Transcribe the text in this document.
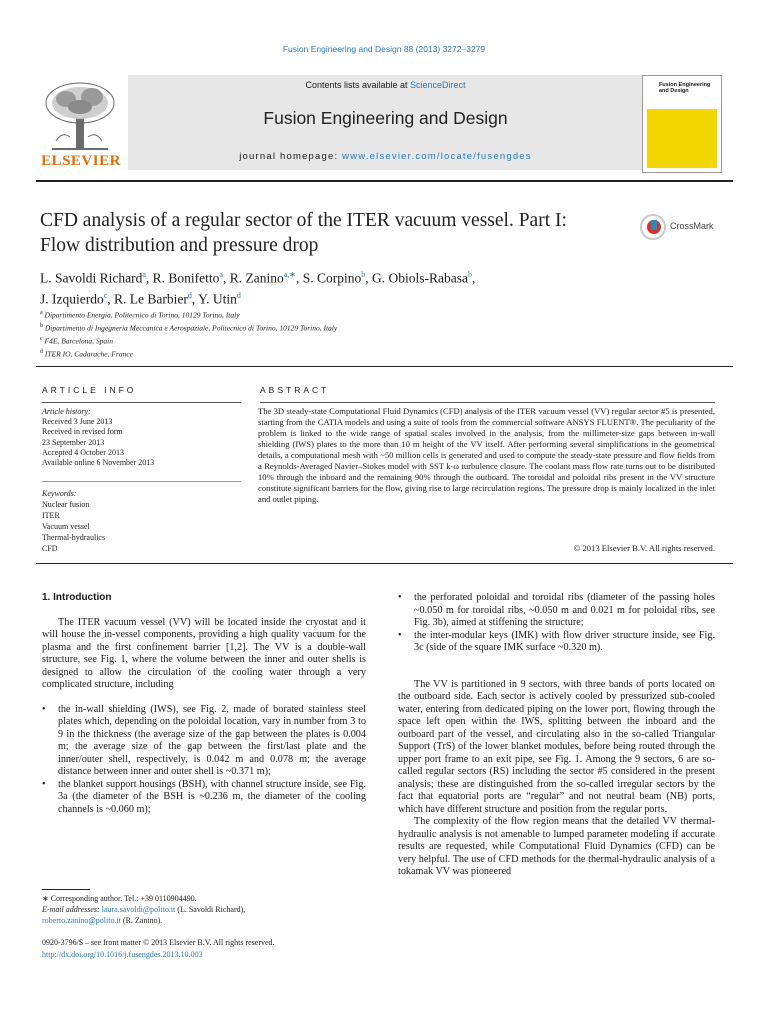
Fusion Engineering and Design 88 (2013) 3272–3279
ELSEVIER
Contents lists available at ScienceDirect
Fusion Engineering and Design
journal homepage: www.elsevier.com/locate/fusengdes
Fusion Engineering
and Design
CFD analysis of a regular sector of the ITER vacuum vessel. Part I:
Flow distribution and pressure drop
CrossMark
L. Savoldi Richard$^a$, R. Bonifetto$^a$, R. Zanino$^{a,∗}$, S. Corpino$^b$, G. Obiols-Rabasa$^b$,
J. Izquierdo$^c$, R. Le Barbier$^d$, Y. Utin$^d$
$^a$ Dipartimento Energia, Politecnico di Torino, 10129 Torino, Italy
$^b$ Dipartimento di Ingegneria Meccanica e Aerospaziale, Politecnico di Torino, 10129 Torino, Italy
$^c$ F4E, Barcelona, Spain
$^d$ ITER IO, Cadarache, France
ARTICLE INFO	ABSTRACT
Article history:
Received 3 June 2013
Received in revised form
23 September 2013
Accepted 4 October 2013
Available online 6 November 2013
Keywords:
Nuclear fusion
ITER
Vacuum vessel
Thermal-hydraulics
CFD
The 3D steady-state Computational Fluid Dynamics (CFD) analysis of the ITER vacuum vessel (VV) regular sector #5 is presented, starting from the CATIA models and using a suite of tools from the commercial software ANSYS FLUENT®. The peculiarity of the problem is linked to the wide range of spatial scales involved in the analysis, from the millimeter-size gaps between in-wall shielding (IWS) plates to the more than 10 m height of the VV itself. After performing several simplifications in the geometrical details, a computational mesh with ~50 million cells is generated and used to compute the steady-state pressure and flow fields from a Reynolds-Averaged Navier–Stokes model with SST k-ω turbulence closure. The coolant mass flow rate turns out to be distributed 10% through the inboard and the remaining 90% through the outboard. The toroidal and poloidal ribs present in the VV structure constitute significant barriers for the flow, giving rise to large recirculation regions. The pressure drop is mainly localized in the inlet and outlet piping.
© 2013 Elsevier B.V. All rights reserved.
1. Introduction

The ITER vacuum vessel (VV) will be located inside the cryostat and it will house the in-vessel components, providing a high quality vacuum for the plasma and the first confinement barrier [1,2]. The VV is a double-wall structure, see Fig. 1, where the volume between the inner and outer shells is designed to allow the circulation of the cooling water through a very complicated structure, including

• the in-wall shielding (IWS), see Fig. 2, made of borated stainless steel plates which, depending on the poloidal location, vary in number from 3 to 9 in the thickness (the average size of the gap between the plates is 0.004 m; the average size of the gap between the first/last plate and the inner/outer shell, respectively, is 0.042 m and 0.078 m; the average distance between inner and outer shell is ~0.371 m);
• the blanket support housings (BSH), with channel structure inside, see Fig. 3a (the diameter of the BSH is ~0.236 m, the diameter of the cooling channels is ~0.060 m);
• the perforated poloidal and toroidal ribs (diameter of the passing holes ~0.050 m for toroidal ribs, ~0.050 m and 0.021 m for poloidal ribs, see Fig. 3b), aimed at stiffening the structure;
• the inter-modular keys (IMK) with flow driver structure inside, see Fig. 3c (side of the square IMK surface ~0.320 m).

The VV is partitioned in 9 sectors, with three bands of ports located on the outboard side. Each sector is actively cooled by pressurized sub-cooled water, entering from dedicated piping on the lower port, flowing through the space left open within the IWS, splitting between the inboard and the outboard part of the vessel, and circulating also in the so-called Triangular Support (TrS) of the lower blanket modules, before being routed through the upper port frame to an exit pipe, see Fig. 1. Among the 9 sectors, 6 are so-called regular sectors (RS) including the sector #5 considered in the present analysis; these are distinguished from the so-called irregular sectors by the fact that equatorial ports are “regular” and not neutral beam (NB) ports, which have different structure and position from the regular ports.

The complexity of the flow region means that the detailed VV thermal-hydraulic analysis is not amenable to lumped parameter modeling if accurate results are requested, while Computational Fluid Dynamics (CFD) can be very helpful. The use of CFD methods for the thermal-hydraulic analysis of a tokamak VV was pioneered

∗ Corresponding author. Tel.: +39 0110904490.
E-mail addresses: laura.savoldi@polito.it (L. Savoldi Richard),
roberto.zanino@polito.it (R. Zanino).
0920-3796/$ – see front matter © 2013 Elsevier B.V. All rights reserved.
http://dx.doi.org/10.1016/j.fusengdes.2013.10.003
